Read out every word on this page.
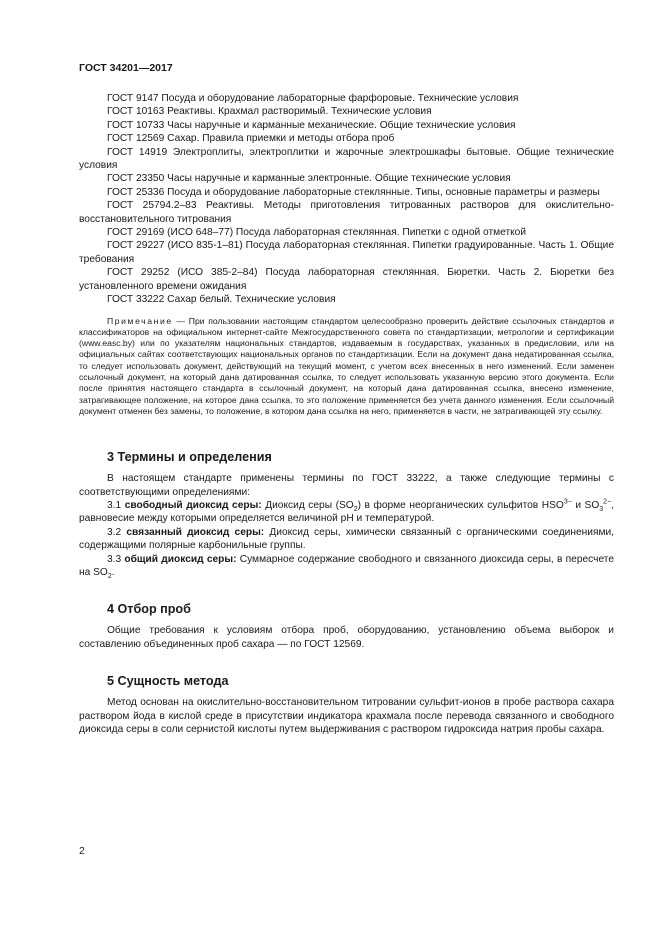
ГОСТ 34201—2017

ГОСТ 9147 Посуда и оборудование лабораторные фарфоровые. Технические условия

ГОСТ 10163 Реактивы. Крахмал растворимый. Технические условия

ГОСТ 10733 Часы наручные и карманные механические. Общие технические условия

ГОСТ 12569 Сахар. Правила приемки и методы отбора проб

ГОСТ 14919 Электроплиты, электроплитки и жарочные электрошкафы бытовые. Общие технические условия

ГОСТ 23350 Часы наручные и карманные электронные. Общие технические условия

ГОСТ 25336 Посуда и оборудование лабораторные стеклянные. Типы, основные параметры и размеры

ГОСТ 25794.2–83 Реактивы. Методы приготовления титрованных растворов для окислительно-восстановительного титрования

ГОСТ 29169 (ИСО 648–77) Посуда лабораторная стеклянная. Пипетки с одной отметкой

ГОСТ 29227 (ИСО 835-1–81) Посуда лабораторная стеклянная. Пипетки градуированные. Часть 1. Общие требования

ГОСТ 29252 (ИСО 385-2–84) Посуда лабораторная стеклянная. Бюретки. Часть 2. Бюретки без установленного времени ожидания

ГОСТ 33222 Сахар белый. Технические условия

Примечание — При пользовании настоящим стандартом целесообразно проверить действие ссылочных стандартов и классификаторов на официальном интернет-сайте Межгосударственного совета по стандартизации, метрологии и сертификации (www.easc.by) или по указателям национальных стандартов, издаваемым в государствах, указанных в предисловии, или на официальных сайтах соответствующих национальных органов по стандартизации. Если на документ дана недатированная ссылка, то следует использовать документ, действующий на текущий момент, с учетом всех внесенных в него изменений. Если заменен ссылочный документ, на который дана датированная ссылка, то следует использовать указанную версию этого документа. Если после принятия настоящего стандарта в ссылочный документ, на который дана датированная ссылка, внесено изменение, затрагивающее положение, на которое дана ссылка, то это положение применяется без учета данного изменения. Если ссылочный документ отменен без замены, то положение, в котором дана ссылка на него, применяется в части, не затрагивающей эту ссылку.

3 Термины и определения

В настоящем стандарте применены термины по ГОСТ 33222, а также следующие термины с соответствующими определениями:

3.1 свободный диоксид серы: Диоксид серы $(SO_2)$ в форме неорганических сульфитов $HSO^{3-}$ и $SO_3^{2-}$, равновесие между которыми определяется величиной pH и температурой.

3.2 связанный диоксид серы: Диоксид серы, химически связанный с органическими соединениями, содержащими полярные карбонильные группы.

3.3 общий диоксид серы: Суммарное содержание свободного и связанного диоксида серы, в пересчете на $SO_2$.

4 Отбор проб

Общие требования к условиям отбора проб, оборудованию, установлению объема выборок и составлению объединенных проб сахара — по ГОСТ 12569.

5 Сущность метода

Метод основан на окислительно-восстановительном титровании сульфит-ионов в пробе раствора сахара раствором йода в кислой среде в присутствии индикатора крахмала после перевода связанного и свободного диоксида серы в соли сернистой кислоты путем выдерживания с раствором гидроксида натрия пробы сахара.

2
